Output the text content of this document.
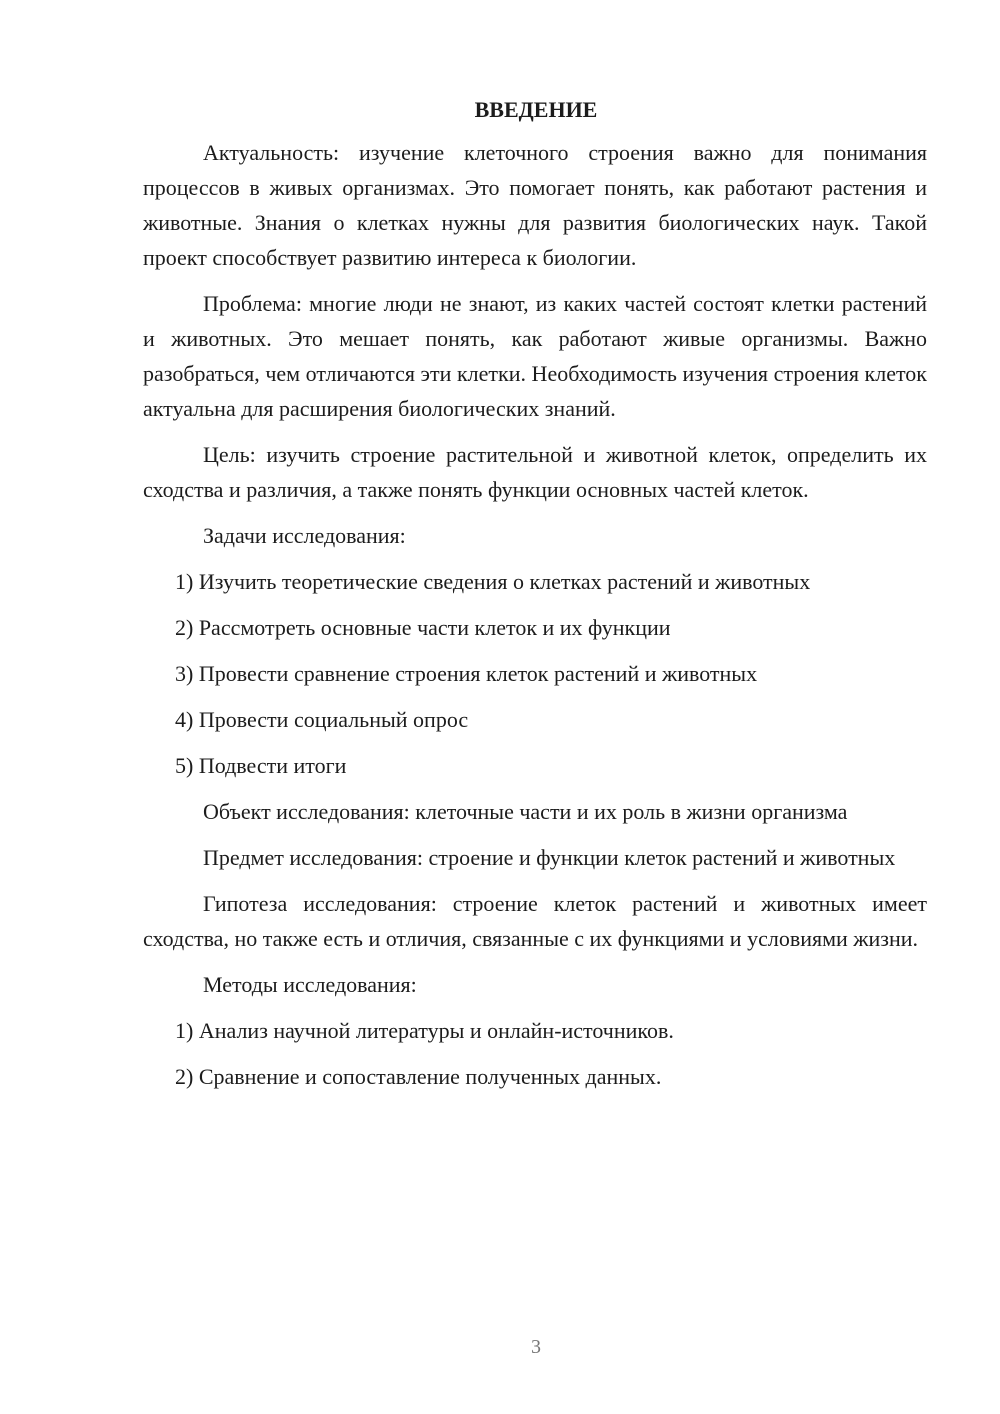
ВВЕДЕНИЕ
Актуальность: изучение клеточного строения важно для понимания процессов в живых организмах. Это помогает понять, как работают растения и животные. Знания о клетках нужны для развития биологических наук. Такой проект способствует развитию интереса к биологии.
Проблема: многие люди не знают, из каких частей состоят клетки растений и животных. Это мешает понять, как работают живые организмы. Важно разобраться, чем отличаются эти клетки. Необходимость изучения строения клеток актуальна для расширения биологических знаний.
Цель: изучить строение растительной и животной клеток, определить их сходства и различия, а также понять функции основных частей клеток.
Задачи исследования:
1) Изучить теоретические сведения о клетках растений и животных
2) Рассмотреть основные части клеток и их функции
3) Провести сравнение строения клеток растений и животных
4) Провести социальный опрос
5) Подвести итоги
Объект исследования: клеточные части и их роль в жизни организма
Предмет исследования: строение и функции клеток растений и животных
Гипотеза исследования: строение клеток растений и животных имеет сходства, но также есть и отличия, связанные с их функциями и условиями жизни.
Методы исследования:
1) Анализ научной литературы и онлайн-источников.
2) Сравнение и сопоставление полученных данных.
3
